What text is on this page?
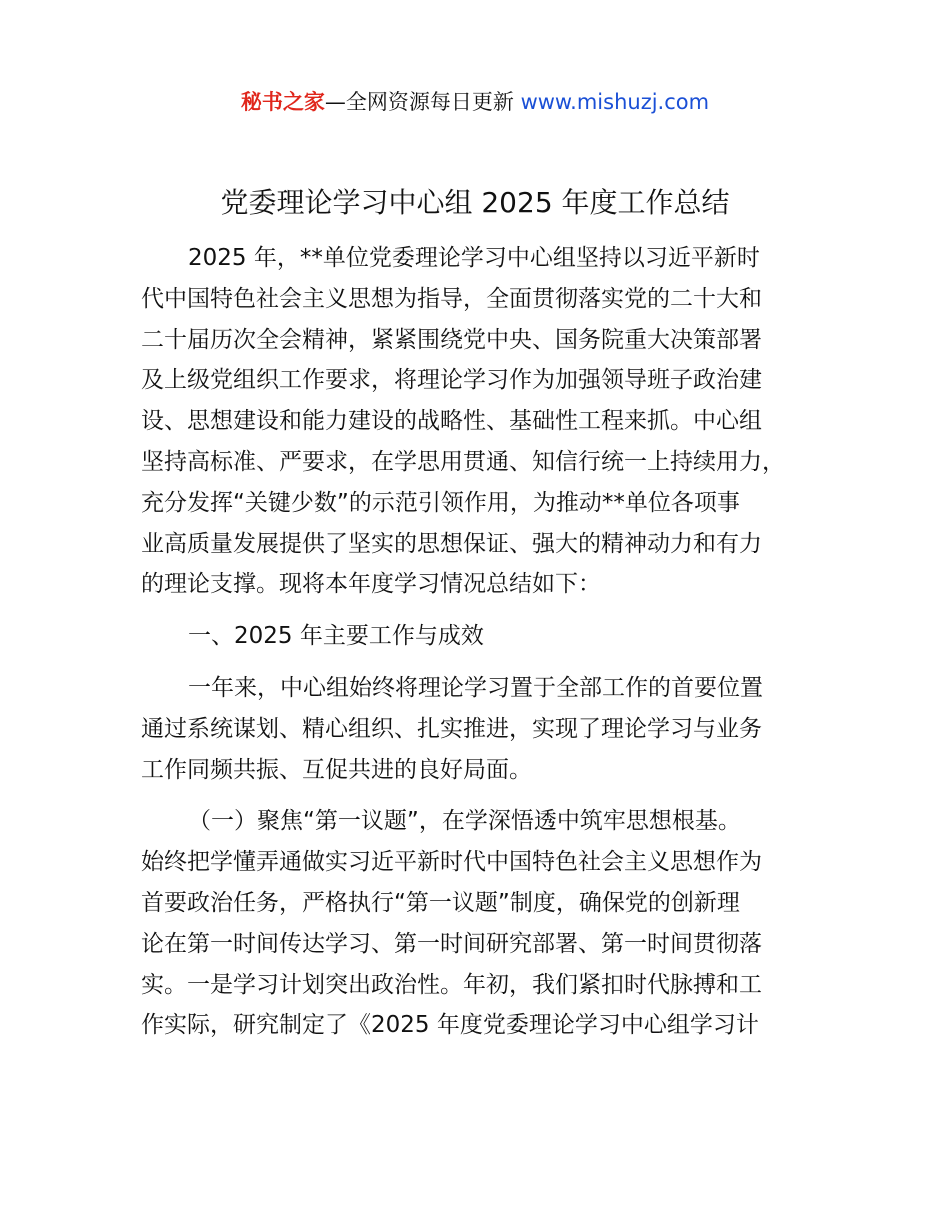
秘书之家—全网资源每日更新 www.mishuzj.com
党委理论学习中心组 2025 年度工作总结
2025 年，**单位党委理论学习中心组坚持以习近平新时
代中国特色社会主义思想为指导，全面贯彻落实党的二十大和
二十届历次全会精神，紧紧围绕党中央、国务院重大决策部署
及上级党组织工作要求，将理论学习作为加强领导班子政治建
设、思想建设和能力建设的战略性、基础性工程来抓。中心组
坚持高标准、严要求，在学思用贯通、知信行统一上持续用力，
充分发挥“关键少数”的示范引领作用，为推动**单位各项事
业高质量发展提供了坚实的思想保证、强大的精神动力和有力
的理论支撑。现将本年度学习情况总结如下：
一、2025 年主要工作与成效
一年来，中心组始终将理论学习置于全部工作的首要位置
通过系统谋划、精心组织、扎实推进，实现了理论学习与业务
工作同频共振、互促共进的良好局面。
（一）聚焦“第一议题”，在学深悟透中筑牢思想根基。
始终把学懂弄通做实习近平新时代中国特色社会主义思想作为
首要政治任务，严格执行“第一议题”制度，确保党的创新理
论在第一时间传达学习、第一时间研究部署、第一时间贯彻落
实。一是学习计划突出政治性。年初，我们紧扣时代脉搏和工
作实际，研究制定了《2025 年度党委理论学习中心组学习计
